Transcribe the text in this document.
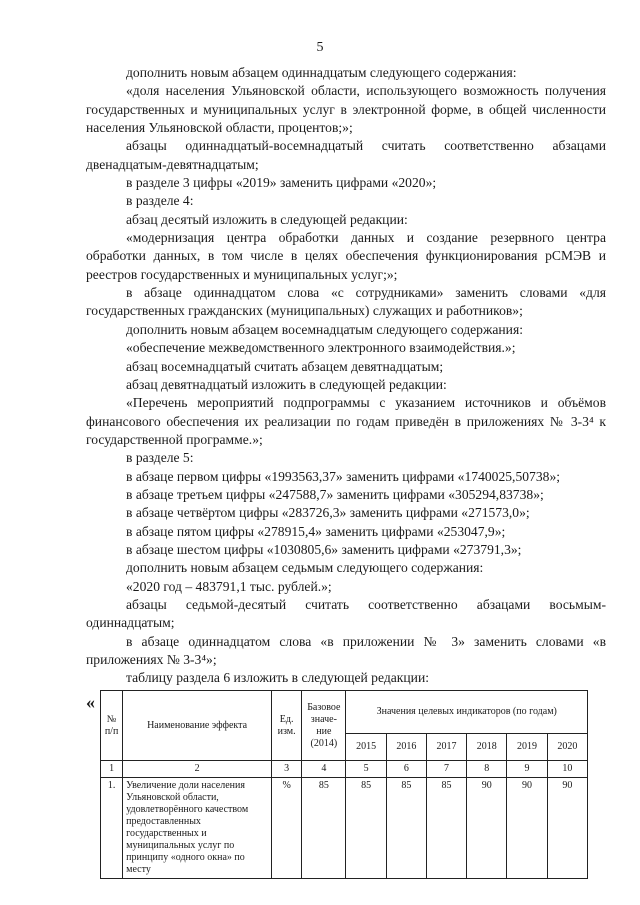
5

дополнить новым абзацем одиннадцатым следующего содержания:

«доля населения Ульяновской области, использующего возможность получения государственных и муниципальных услуг в электронной форме, в общей численности населения Ульяновской области, процентов;»;

абзацы одиннадцатый-восемнадцатый считать соответственно абзацами двенадцатым-девятнадцатым;

в разделе 3 цифры «2019» заменить цифрами «2020»;

в разделе 4:

абзац десятый изложить в следующей редакции:

«модернизация центра обработки данных и создание резервного центра обработки данных, в том числе в целях обеспечения функционирования рСМЭВ и реестров государственных и муниципальных услуг;»;

в абзаце одиннадцатом слова «с сотрудниками» заменить словами «для государственных гражданских (муниципальных) служащих и работников»;

дополнить новым абзацем восемнадцатым следующего содержания:

«обеспечение межведомственного электронного взаимодействия.»;

абзац восемнадцатый считать абзацем девятнадцатым;

абзац девятнадцатый изложить в следующей редакции:

«Перечень мероприятий подпрограммы с указанием источников и объёмов финансового обеспечения их реализации по годам приведён в приложениях № 3-3⁴ к государственной программе.»;

в разделе 5:

в абзаце первом цифры «1993563,37» заменить цифрами «1740025,50738»;

в абзаце третьем цифры «247588,7» заменить цифрами «305294,83738»;

в абзаце четвёртом цифры «283726,3» заменить цифрами «271573,0»;

в абзаце пятом цифры «278915,4» заменить цифрами «253047,9»;

в абзаце шестом цифры «1030805,6» заменить цифрами «273791,3»;

дополнить новым абзацем седьмым следующего содержания:

«2020 год – 483791,1 тыс. рублей.»;

абзацы седьмой-десятый считать соответственно абзацами восьмым-одиннадцатым;

в абзаце одиннадцатом слова «в приложении № 3» заменить словами «в приложениях № 3-3⁴»;

таблицу раздела 6 изложить в следующей редакции:

«
№ п/п	Наименование эффекта	Ед. изм.	Базовое значе-ние (2014)	Значения целевых индикаторов (по годам)					
				2015	2016	2017	2018	2019	2020
1	2	3	4	5	6	7	8	9	10
1.	Увеличение доли населения Ульяновской области, удовлетворённого качеством предоставленных государственных и муниципальных услуг по принципу «одного окна» по месту	%	85	85	85	85	90	90	90
